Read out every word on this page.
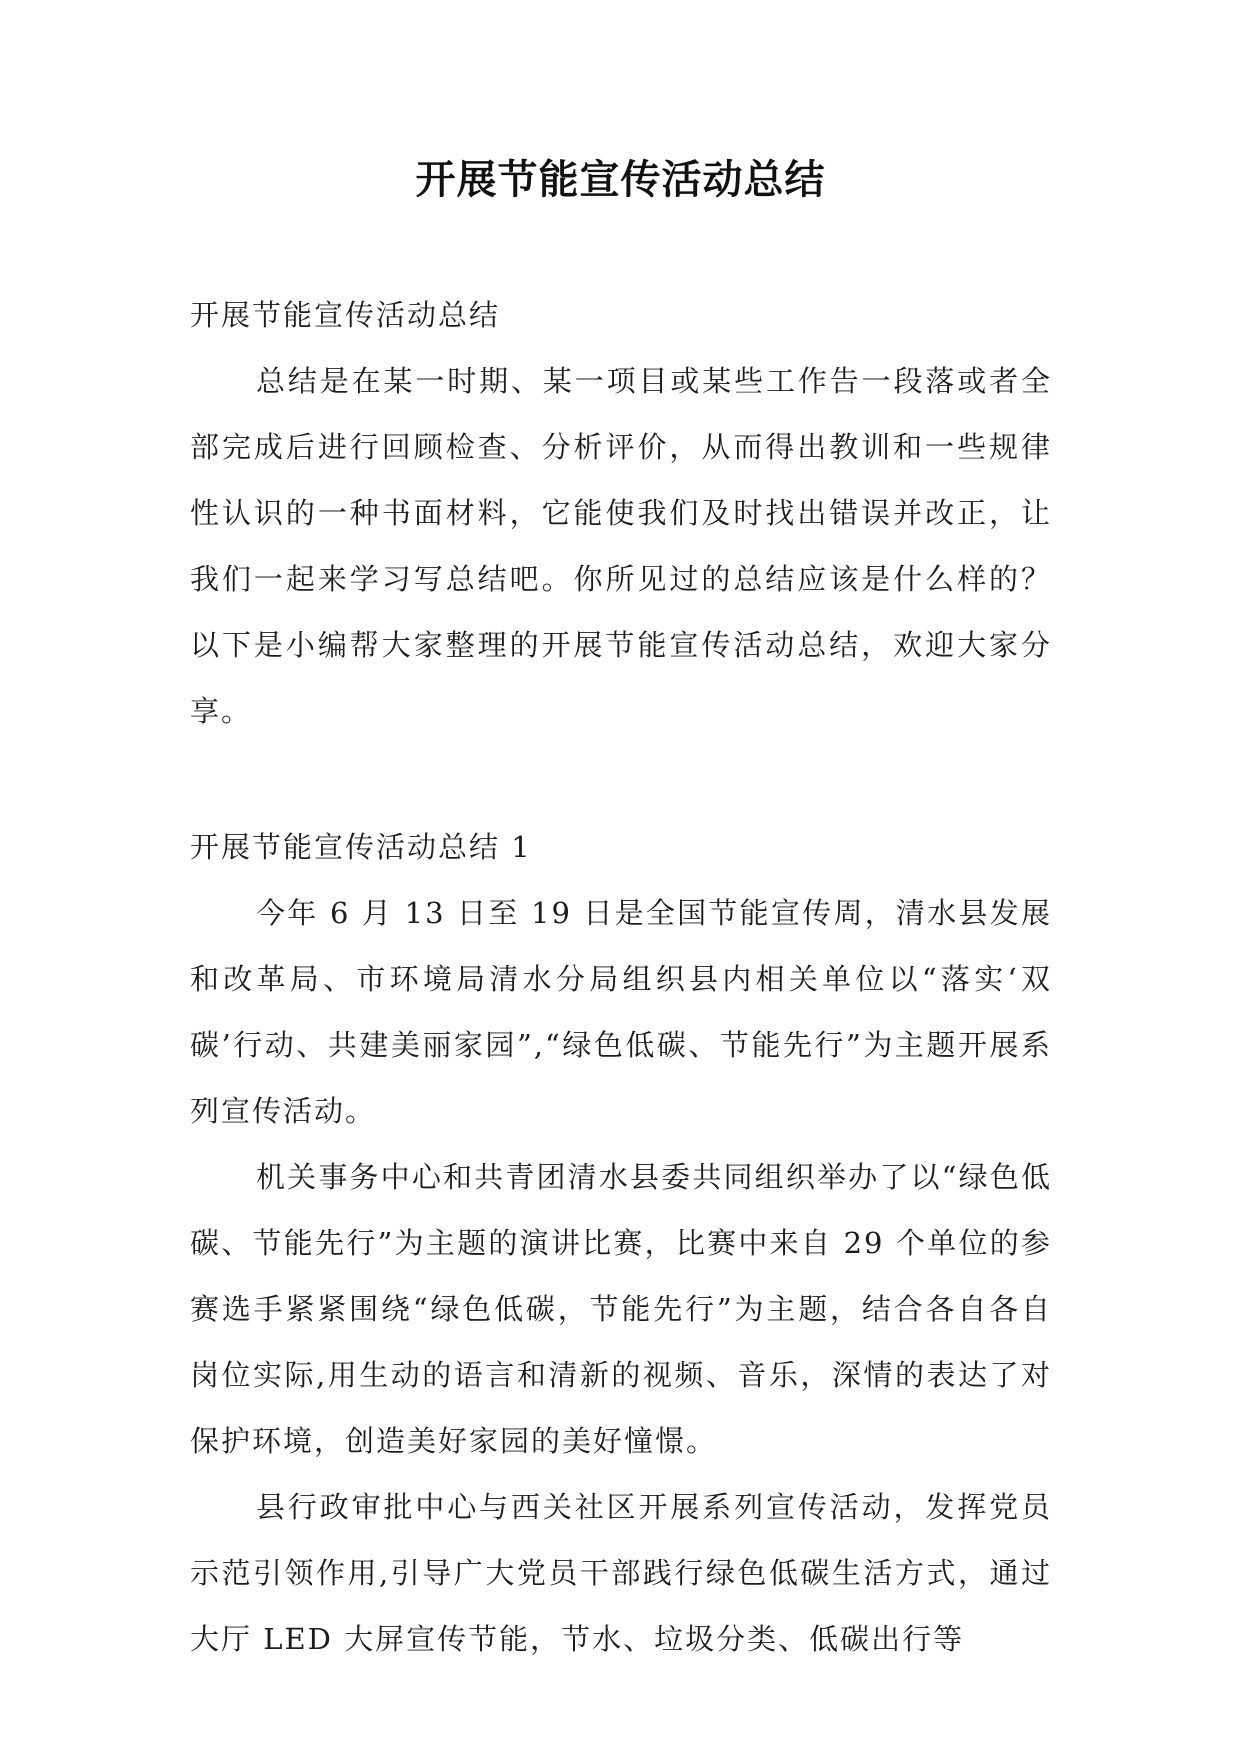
开展节能宣传活动总结

开展节能宣传活动总结

总结是在某一时期、某一项目或某些工作告一段落或者全部完成后进行回顾检查、分析评价，从而得出教训和一些规律性认识的一种书面材料，它能使我们及时找出错误并改正，让我们一起来学习写总结吧。你所见过的总结应该是什么样的？以下是小编帮大家整理的开展节能宣传活动总结，欢迎大家分享。

开展节能宣传活动总结 1

今年 6 月 13 日至 19 日是全国节能宣传周，清水县发展和改革局、市环境局清水分局组织县内相关单位以“落实‘双碳’行动、共建美丽家园”,“绿色低碳、节能先行”为主题开展系列宣传活动。

机关事务中心和共青团清水县委共同组织举办了以“绿色低碳、节能先行”为主题的演讲比赛，比赛中来自 29 个单位的参赛选手紧紧围绕“绿色低碳，节能先行”为主题，结合各自各自岗位实际,用生动的语言和清新的视频、音乐，深情的表达了对保护环境，创造美好家园的美好憧憬。

县行政审批中心与西关社区开展系列宣传活动，发挥党员示范引领作用,引导广大党员干部践行绿色低碳生活方式，通过大厅 LED 大屏宣传节能，节水、垃圾分类、低碳出行等
